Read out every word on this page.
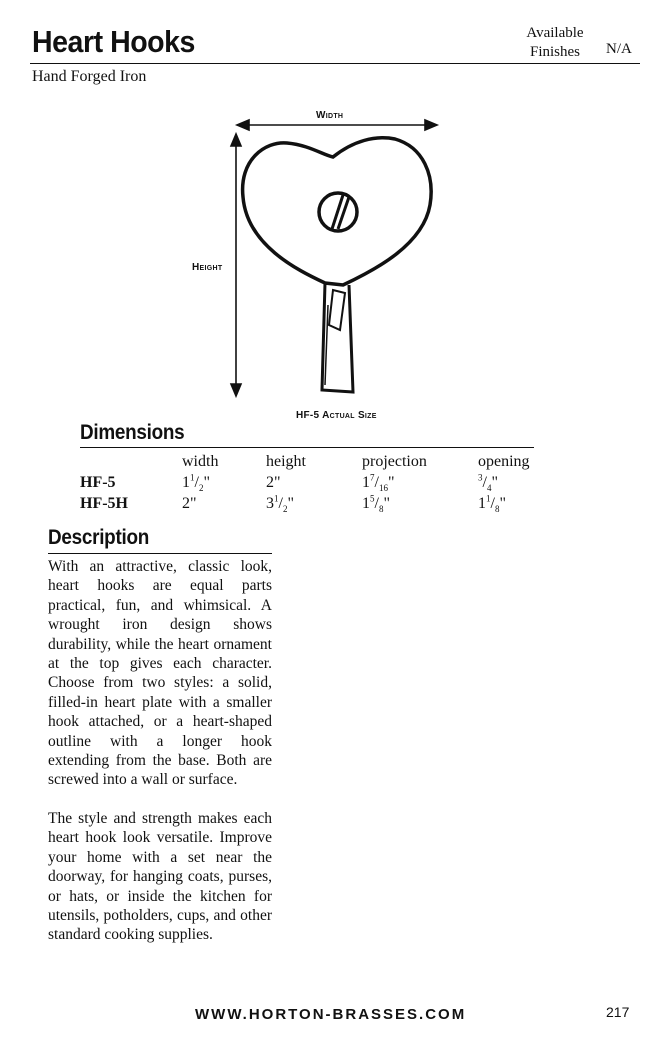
Heart Hooks	Available
Finishes	N/A
Hand Forged Iron
Width
Height
HF-5 Actual Size
Dimensions
width	height	projection	opening
HF-5	$1^1/_2$"	2"	$1^7/_{16}$"	$^3/_4$"
HF-5H	2"	$3^1/_2$"	$1^5/_8$"	$1^1/_8$"
Description

With an attractive, classic look, heart hooks are equal parts practical, fun, and whimsical. A wrought iron design shows durability, while the heart ornament at the top gives each character. Choose from two styles: a solid, filled-in heart plate with a smaller hook attached, or a heart-shaped outline with a longer hook extending from the base. Both are screwed into a wall or surface.

The style and strength makes each heart hook look versatile. Improve your home with a set near the doorway, for hanging coats, purses, or hats, or inside the kitchen for utensils, potholders, cups, and other standard cooking supplies.

WWW.HORTON-BRASSES.COM	217
